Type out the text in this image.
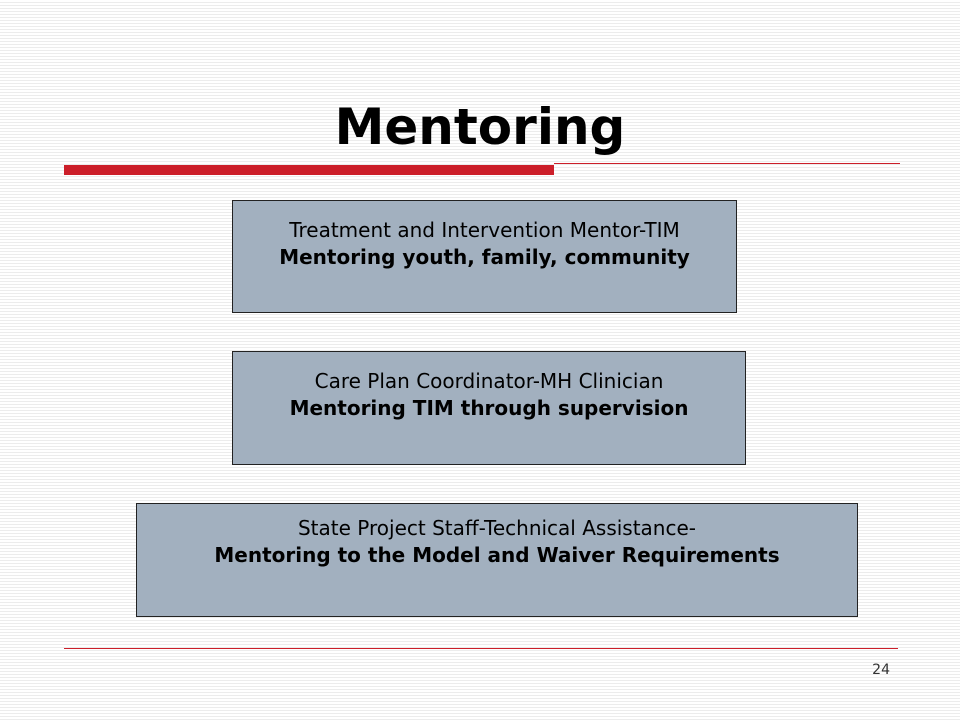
Mentoring
Treatment and Intervention Mentor-TIM
Mentoring youth, family, community
Care Plan Coordinator-MH Clinician
Mentoring TIM through supervision
State Project Staff-Technical Assistance-
Mentoring to the Model and Waiver Requirements
24
